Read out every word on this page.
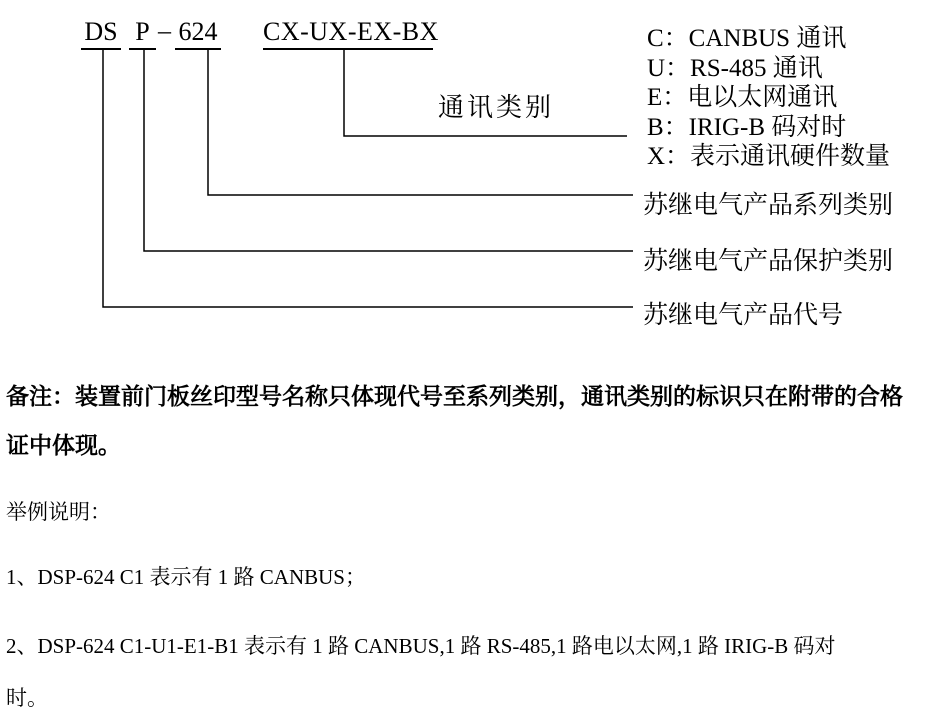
DS P – 624 CX-UX-EX-BX
通讯类别
C：CANBUS 通讯
U：RS-485 通讯
E：电以太网通讯
B：IRIG-B 码对时
X：表示通讯硬件数量
苏继电气产品系列类别
苏继电气产品保护类别
苏继电气产品代号
备注：装置前门板丝印型号名称只体现代号至系列类别，通讯类别的标识只在附带的合格
证中体现。
举例说明：
1、DSP-624 C1 表示有 1 路 CANBUS；
2、DSP-624 C1-U1-E1-B1 表示有 1 路 CANBUS,1 路 RS-485,1 路电以太网,1 路 IRIG-B 码对
时。
